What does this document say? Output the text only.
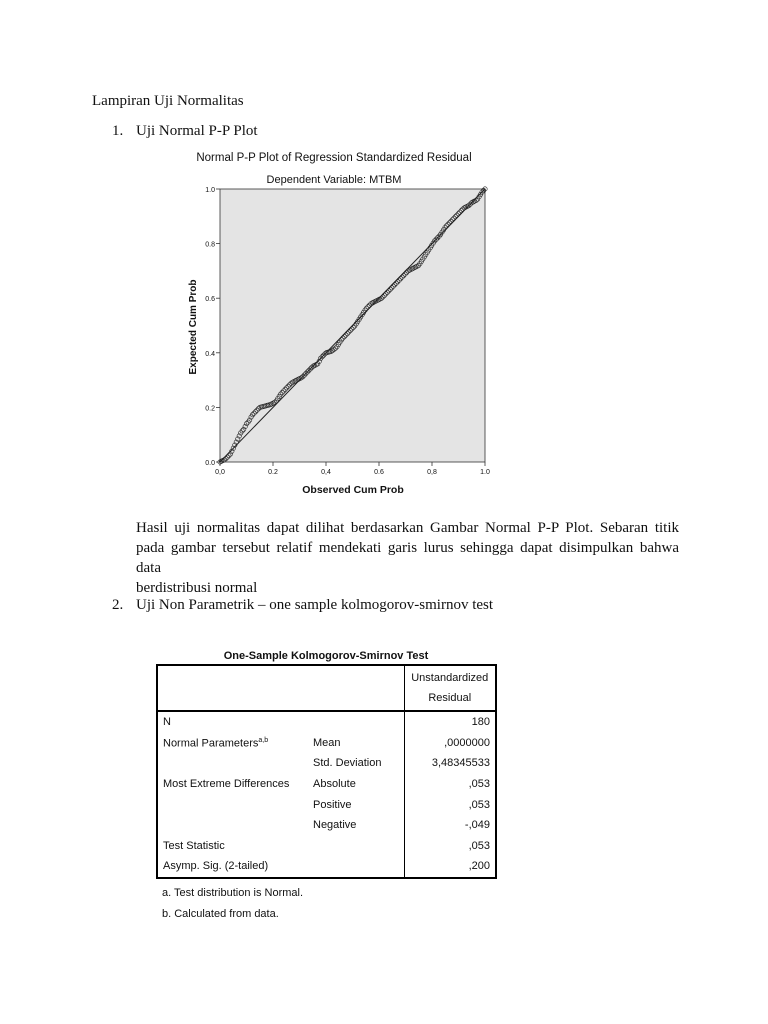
Lampiran Uji Normalitas
1. Uji Normal P-P Plot
Normal P-P Plot of Regression Standardized Residual
Dependent Variable: MTBM
0.0
0.2
0.4
0.6
0.8
1.0
0,0	0.2	0,4	0.6	0,8	1.0
Observed Cum Prob
Expected Cum Prob
Hasil uji normalitas dapat dilihat berdasarkan Gambar Normal P-P Plot. Sebaran titik pada gambar tersebut relatif mendekati garis lurus sehingga dapat disimpulkan bahwa data
berdistribusi normal
2. Uji Non Parametrik – one sample kolmogorov-smirnov test
One-Sample Kolmogorov-Smirnov Test

		Unstandardized
Residual

N		180
Normal Parameters$^{a,b}$	Mean	,0000000
	Std. Deviation	3,48345533
Most Extreme Differences	Absolute	,053
	Positive	,053
	Negative	-,049
Test Statistic		,053
Asymp. Sig. (2-tailed)		,200
a. Test distribution is Normal.
b. Calculated from data.
